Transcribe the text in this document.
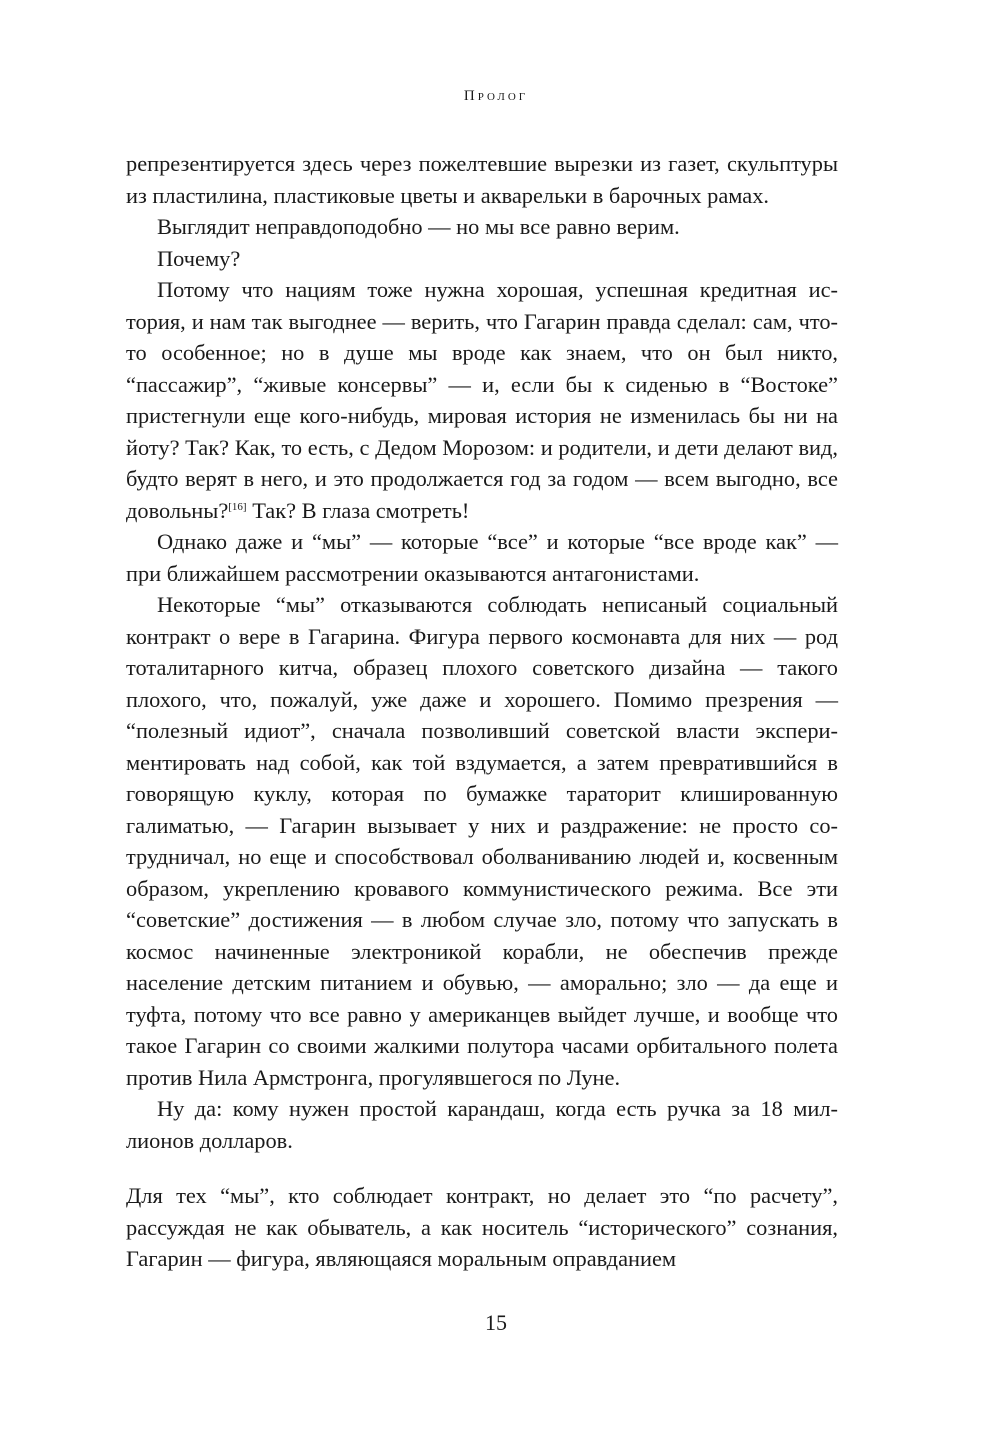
Пролог

репрезентируется здесь через пожелтевшие вырезки из газет, скульптуры из пластилина, пластиковые цветы и акварельки в барочных рамах.

Выглядит неправдоподобно — но мы все равно верим.

Почему?

Потому что нациям тоже нужна хорошая, успешная кредитная история, и нам так выгоднее — верить, что Гагарин правда сделал: сам, что-то особенное; но в душе мы вроде как знаем, что он был никто, “пассажир”, “живые консервы” — и, если бы к сиденью в “Востоке” пристегнули еще кого-нибудь, мировая история не изменилась бы ни на йоту? Так? Как, то есть, с Дедом Морозом: и родители, и дети делают вид, будто верят в него, и это продолжается год за годом — всем выгодно, все довольны?[16] Так? В глаза смотреть!

Однако даже и “мы” — которые “все” и которые “все вроде как” — при ближайшем рассмотрении оказываются антагонистами.

Некоторые “мы” отказываются соблюдать неписаный социальный контракт о вере в Гагарина. Фигура первого космонавта для них — род тоталитарного китча, образец плохого советского дизайна — такого плохого, что, пожалуй, уже даже и хорошего. Помимо презрения — “полезный идиот”, сначала позволивший советской власти экспериментировать над собой, как той вздумается, а затем превратившийся в говорящую куклу, которая по бумажке тараторит клишированную галиматью, — Гагарин вызывает у них и раздражение: не просто сотрудничал, но еще и способствовал оболваниванию людей и, косвенным образом, укреплению кровавого коммунистического режима. Все эти “советские” достижения — в любом случае зло, потому что запускать в космос начиненные электроникой корабли, не обеспечив прежде население детским питанием и обувью, — аморально; зло — да еще и туфта, потому что все равно у американцев выйдет лучше, и вообще что такое Гагарин со своими жалкими полутора часами орбитального полета против Нила Армстронга, прогулявшегося по Луне.

Ну да: кому нужен простой карандаш, когда есть ручка за 18 миллионов долларов.

Для тех “мы”, кто соблюдает контракт, но делает это “по расчету”, рассуждая не как обыватель, а как носитель “исторического” сознания, Гагарин — фигура, являющаяся моральным оправданием

15
